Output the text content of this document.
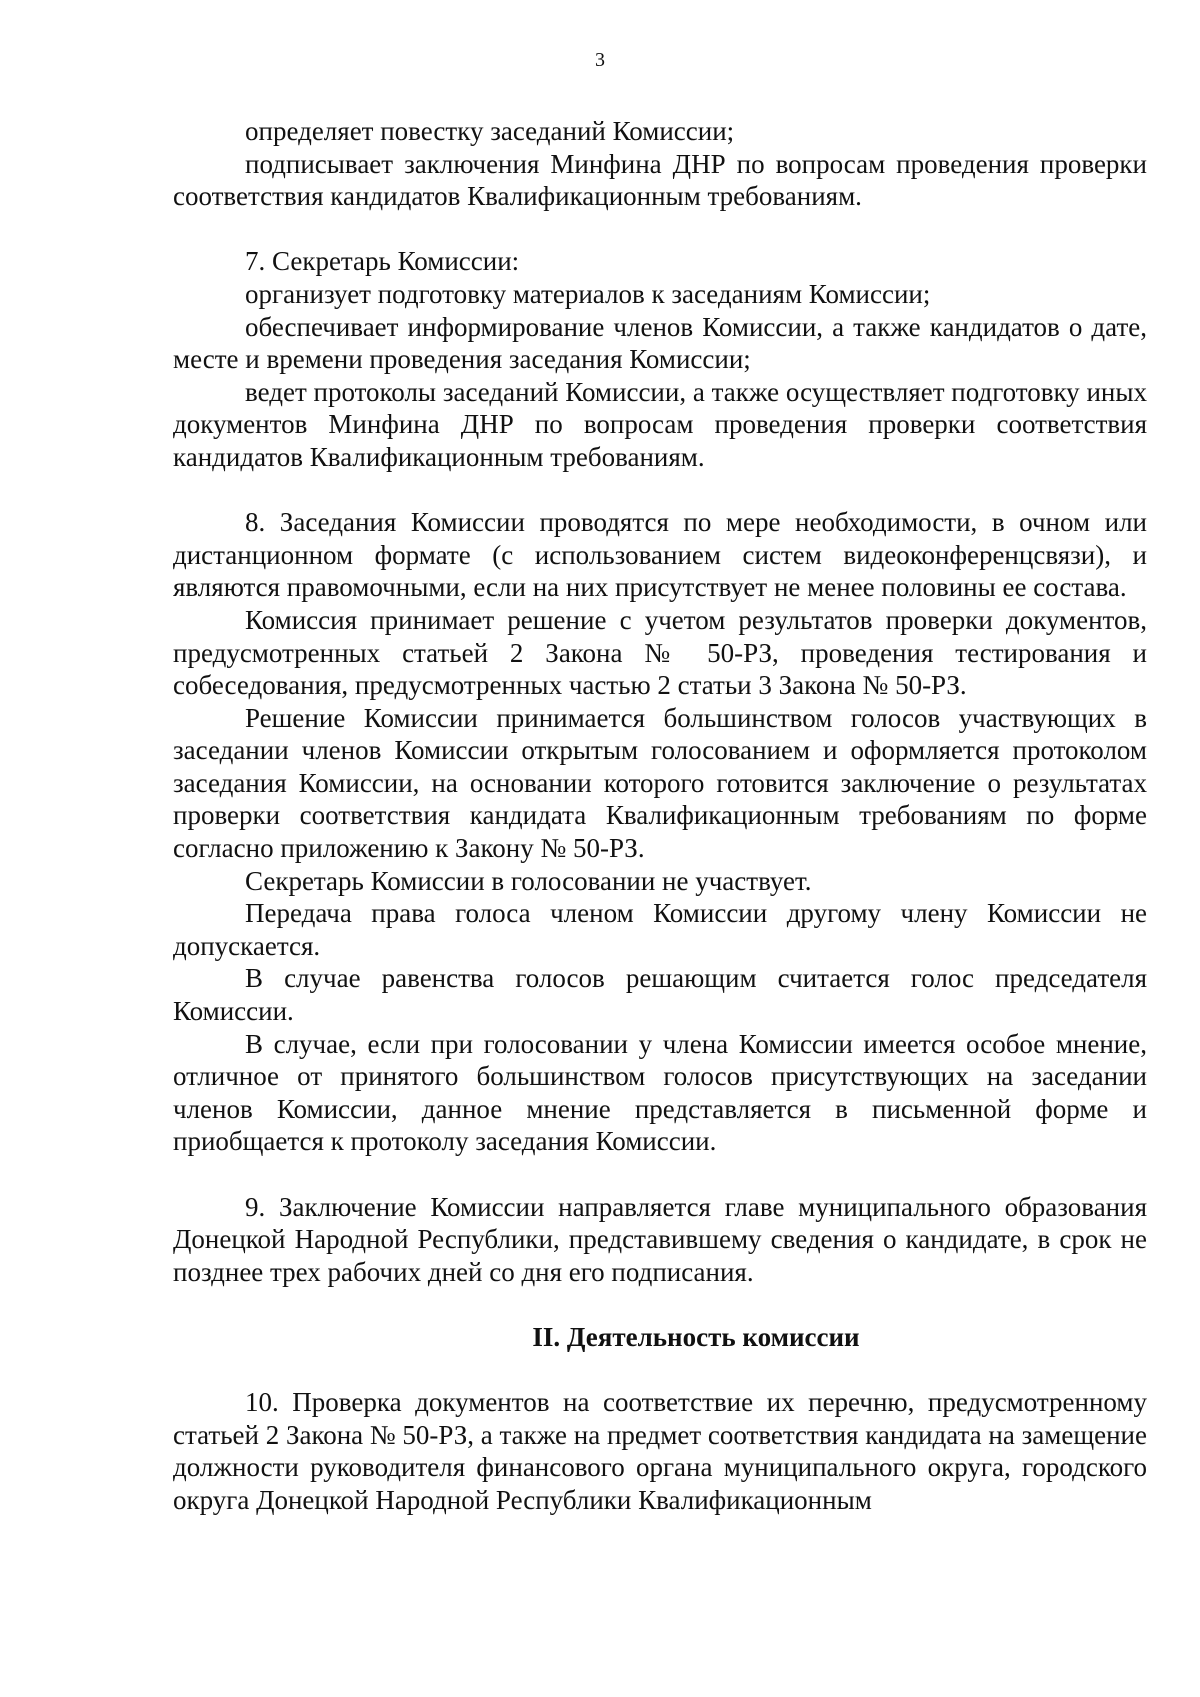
3

определяет повестку заседаний Комиссии;

подписывает заключения Минфина ДНР по вопросам проведения проверки соответствия кандидатов Квалификационным требованиям.

7. Секретарь Комиссии:

организует подготовку материалов к заседаниям Комиссии;

обеспечивает информирование членов Комиссии, а также кандидатов о дате, месте и времени проведения заседания Комиссии;

ведет протоколы заседаний Комиссии, а также осуществляет подготовку иных документов Минфина ДНР по вопросам проведения проверки соответствия кандидатов Квалификационным требованиям.

8. Заседания Комиссии проводятся по мере необходимости, в очном или дистанционном формате (с использованием систем видеоконференцсвязи), и являются правомочными, если на них присутствует не менее половины ее состава.

Комиссия принимает решение с учетом результатов проверки документов, предусмотренных статьей 2 Закона № 50-РЗ, проведения тестирования и собеседования, предусмотренных частью 2 статьи 3 Закона № 50-РЗ.

Решение Комиссии принимается большинством голосов участвующих в заседании членов Комиссии открытым голосованием и оформляется протоколом заседания Комиссии, на основании которого готовится заключение о результатах проверки соответствия кандидата Квалификационным требованиям по форме согласно приложению к Закону № 50-РЗ.

Секретарь Комиссии в голосовании не участвует.

Передача права голоса членом Комиссии другому члену Комиссии не допускается.

В случае равенства голосов решающим считается голос председателя Комиссии.

В случае, если при голосовании у члена Комиссии имеется особое мнение, отличное от принятого большинством голосов присутствующих на заседании членов Комиссии, данное мнение представляется в письменной форме и приобщается к протоколу заседания Комиссии.

9. Заключение Комиссии направляется главе муниципального образования Донецкой Народной Республики, представившему сведения о кандидате, в срок не позднее трех рабочих дней со дня его подписания.

II. Деятельность комиссии

10. Проверка документов на соответствие их перечню, предусмотренному статьей 2 Закона № 50-РЗ, а также на предмет соответствия кандидата на замещение должности руководителя финансового органа муниципального округа, городского округа Донецкой Народной Республики Квалификационным
